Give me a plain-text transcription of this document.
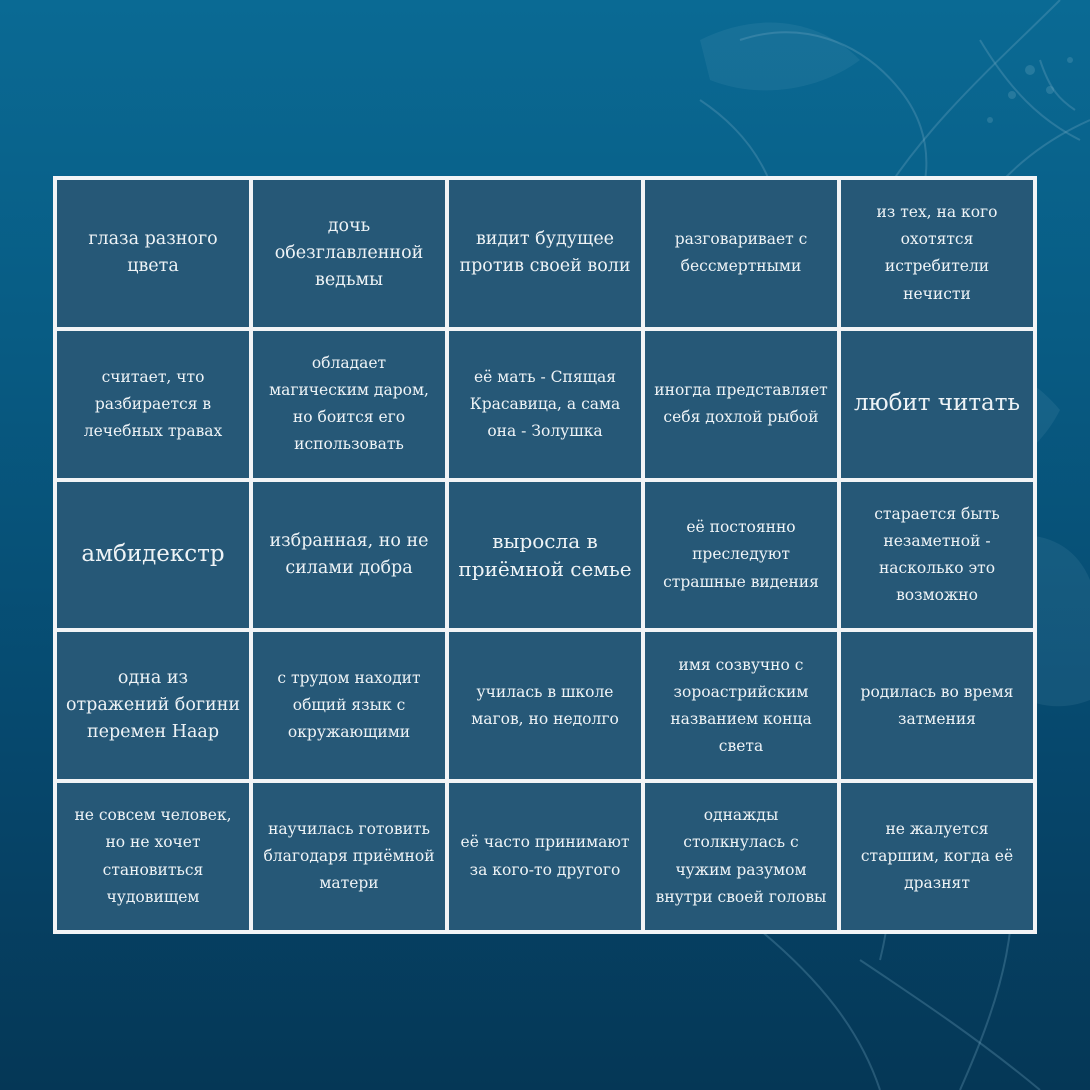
глаза разного цвета
дочь обезглавленной ведьмы
видит будущее против своей воли
разговаривает с бессмертными
из тех, на кого охотятся истребители нечисти
считает, что разбирается в лечебных травах
обладает магическим даром, но боится его использовать
её мать - Спящая Красавица, а сама она - Золушка
иногда представляет себя дохлой рыбой
любит читать
амбидекстр
избранная, но не силами добра
выросла в приёмной семье
её постоянно преследуют страшные видения
старается быть незаметной - насколько это возможно
одна из отражений богини перемен Наар
с трудом находит общий язык с окружающими
училась в школе магов, но недолго
имя созвучно с зороастрийским названием конца света
родилась во время затмения
не совсем человек, но не хочет становиться чудовищем
научилась готовить благодаря приёмной матери
её часто принимают за кого-то другого
однажды столкнулась с чужим разумом внутри своей головы
не жалуется старшим, когда её дразнят
